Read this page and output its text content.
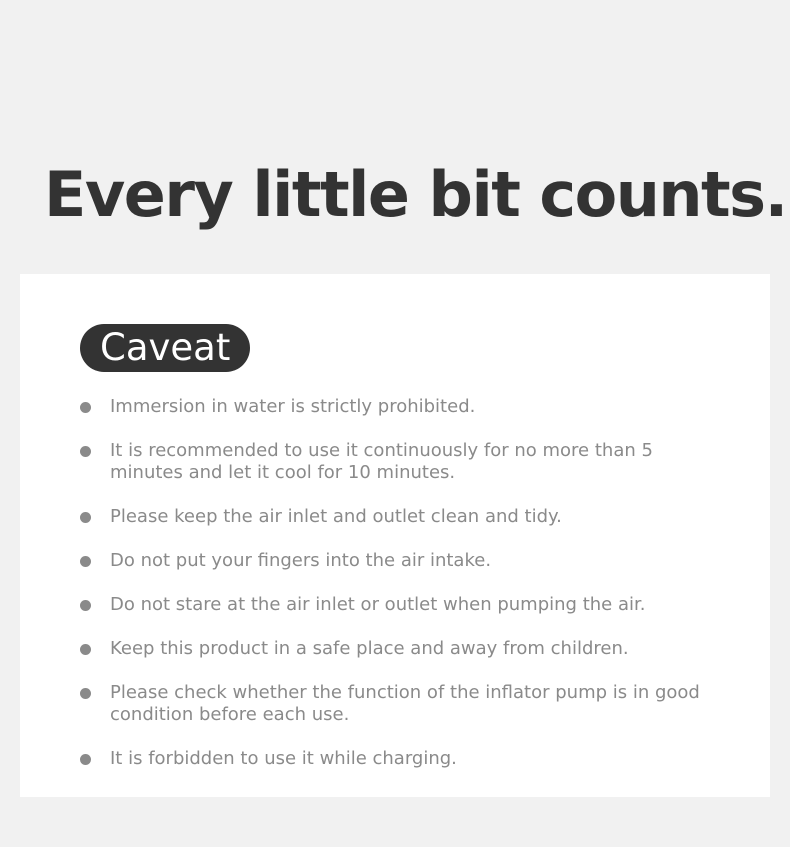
Every little bit counts.
Caveat
Immersion in water is strictly prohibited.
It is recommended to use it continuously for no more than 5 minutes and let it cool for 10 minutes.
Please keep the air inlet and outlet clean and tidy.
Do not put your fingers into the air intake.
Do not stare at the air inlet or outlet when pumping the air.
Keep this product in a safe place and away from children.
Please check whether the function of the inflator pump is in good condition before each use.
It is forbidden to use it while charging.
